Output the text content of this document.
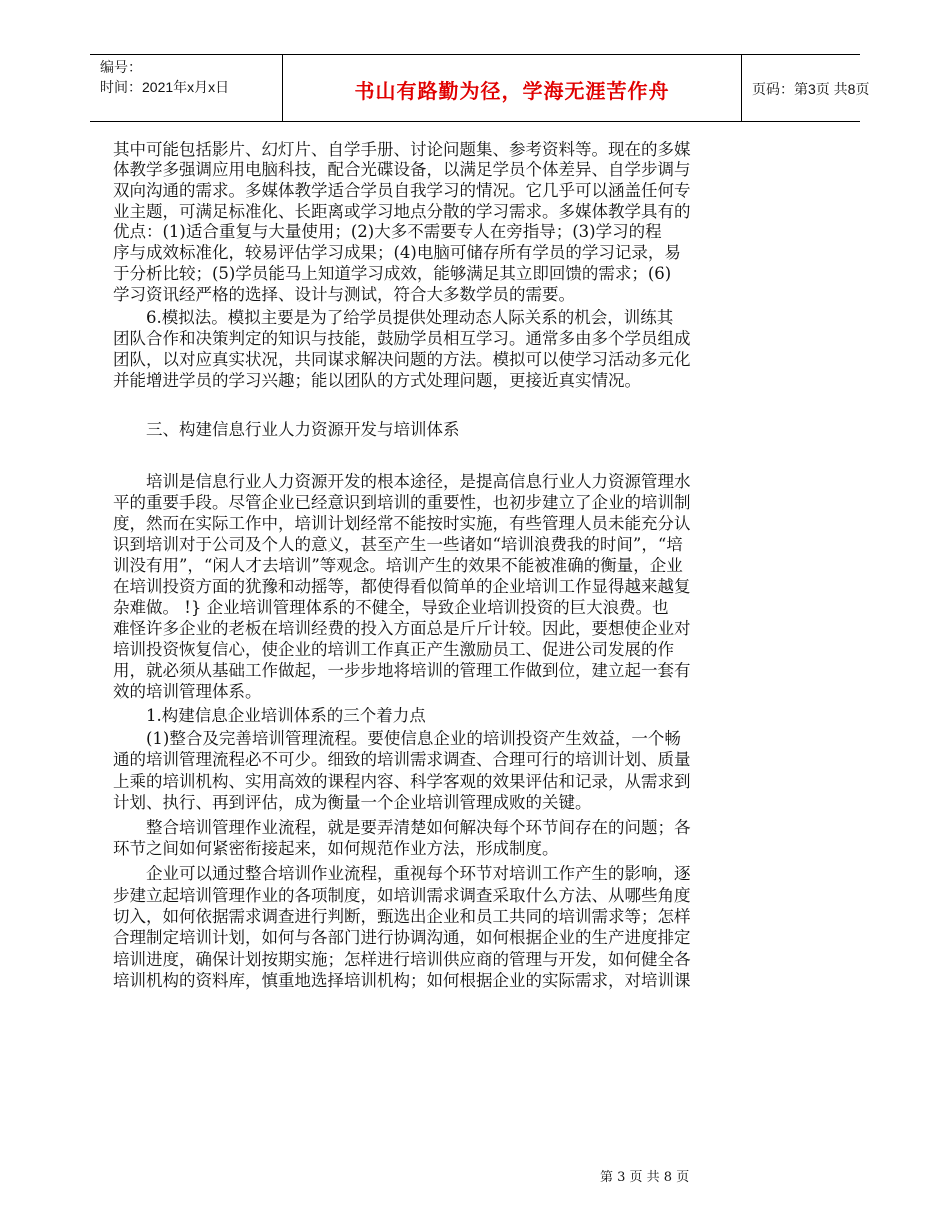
编号：
时间：2021年x月x日	书山有路勤为径，学海无涯苦作舟	页码：第3页 共8页
其中可能包括影片、幻灯片、自学手册、讨论问题集、参考资料等。现在的多媒
体教学多强调应用电脑科技，配合光碟设备，以满足学员个体差异、自学步调与
双向沟通的需求。多媒体教学适合学员自我学习的情况。它几乎可以涵盖任何专
业主题，可满足标准化、长距离或学习地点分散的学习需求。多媒体教学具有的
优点：(1)适合重复与大量使用；(2)大多不需要专人在旁指导；(3)学习的程
序与成效标准化，较易评估学习成果；(4)电脑可储存所有学员的学习记录，易
于分析比较；(5)学员能马上知道学习成效，能够满足其立即回馈的需求；(6)
学习资讯经严格的选择、设计与测试，符合大多数学员的需要。
　　6.模拟法。模拟主要是为了给学员提供处理动态人际关系的机会，训练其
团队合作和决策判定的知识与技能，鼓励学员相互学习。通常多由多个学员组成
团队，以对应真实状况，共同谋求解决问题的方法。模拟可以使学习活动多元化
并能增进学员的学习兴趣；能以团队的方式处理问题，更接近真实情况。
　　三、构建信息行业人力资源开发与培训体系
　　培训是信息行业人力资源开发的根本途径，是提高信息行业人力资源管理水
平的重要手段。尽管企业已经意识到培训的重要性，也初步建立了企业的培训制
度，然而在实际工作中，培训计划经常不能按时实施，有些管理人员未能充分认
识到培训对于公司及个人的意义，甚至产生一些诸如“培训浪费我的时间”，“培
训没有用”，“闲人才去培训”等观念。培训产生的效果不能被准确的衡量，企业
在培训投资方面的犹豫和动摇等，都使得看似简单的企业培训工作显得越来越复
杂难做。 !} 企业培训管理体系的不健全，导致企业培训投资的巨大浪费。也
难怪许多企业的老板在培训经费的投入方面总是斤斤计较。因此，要想使企业对
培训投资恢复信心，使企业的培训工作真正产生激励员工、促进公司发展的作
用，就必须从基础工作做起，一步步地将培训的管理工作做到位，建立起一套有
效的培训管理体系。
　　1.构建信息企业培训体系的三个着力点
　　(1)整合及完善培训管理流程。要使信息企业的培训投资产生效益，一个畅
通的培训管理流程必不可少。细致的培训需求调查、合理可行的培训计划、质量
上乘的培训机构、实用高效的课程内容、科学客观的效果评估和记录，从需求到
计划、执行、再到评估，成为衡量一个企业培训管理成败的关键。
　　整合培训管理作业流程，就是要弄清楚如何解决每个环节间存在的问题；各
环节之间如何紧密衔接起来，如何规范作业方法，形成制度。
　　企业可以通过整合培训作业流程，重视每个环节对培训工作产生的影响，逐
步建立起培训管理作业的各项制度，如培训需求调查采取什么方法、从哪些角度
切入，如何依据需求调查进行判断，甄选出企业和员工共同的培训需求等；怎样
合理制定培训计划，如何与各部门进行协调沟通，如何根据企业的生产进度排定
培训进度，确保计划按期实施；怎样进行培训供应商的管理与开发，如何健全各
培训机构的资料库，慎重地选择培训机构；如何根据企业的实际需求，对培训课
第 3 页 共 8 页
